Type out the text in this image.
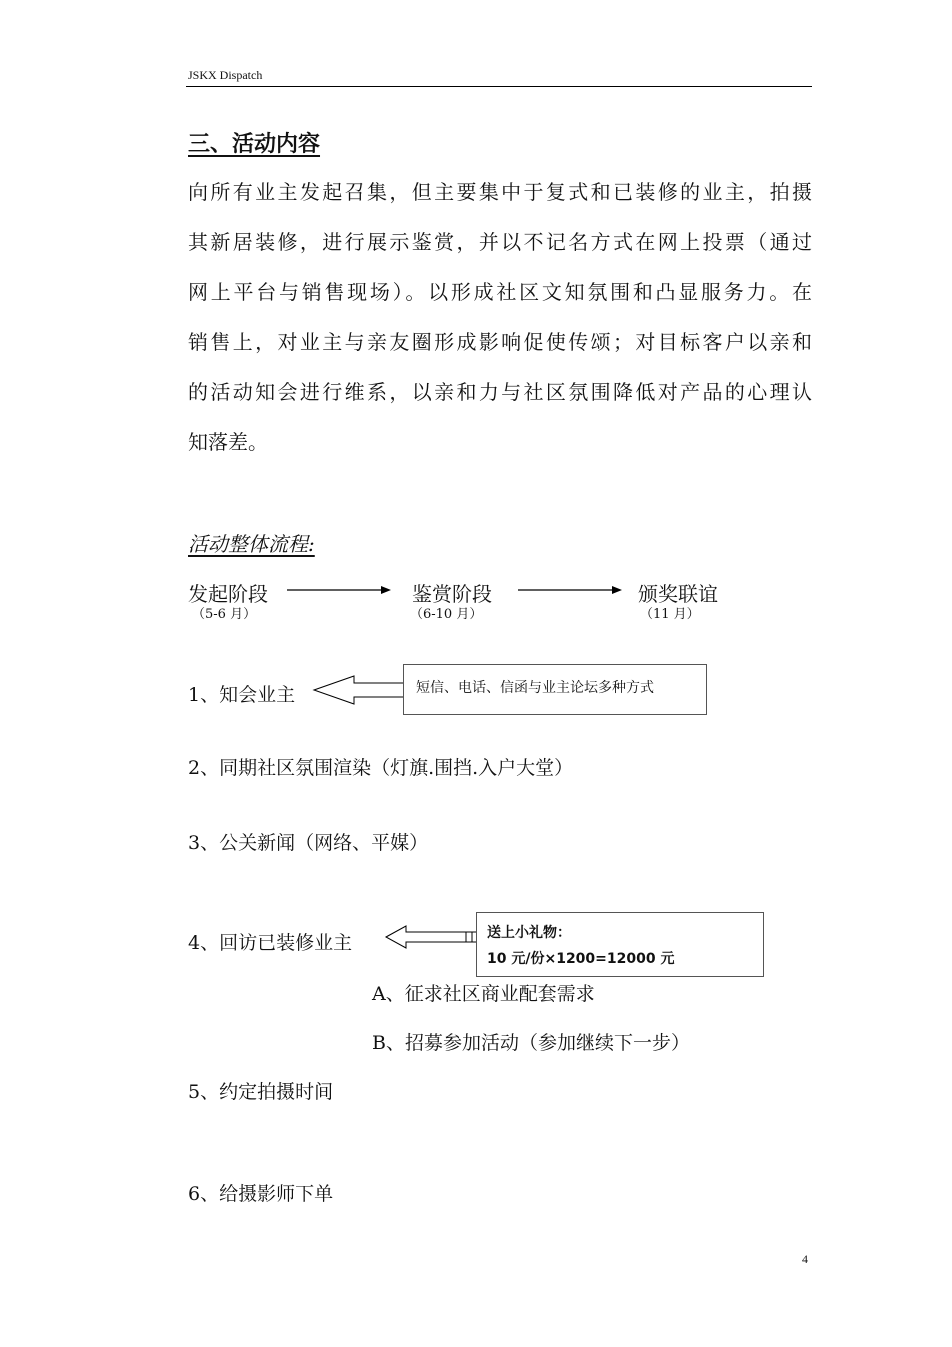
JSKX Dispatch
三、活动内容
向所有业主发起召集，但主要集中于复式和已装修的业主，拍摄
其新居装修，进行展示鉴赏，并以不记名方式在网上投票（通过
网上平台与销售现场）。以形成社区文知氛围和凸显服务力。在
销售上，对业主与亲友圈形成影响促使传颂；对目标客户以亲和
的活动知会进行维系，以亲和力与社区氛围降低对产品的心理认
知落差。
活动整体流程:
发起阶段
（5-6 月）
鉴赏阶段
（6-10 月）
颁奖联谊
（11 月）
1、知会业主	短信、电话、信函与业主论坛多种方式
2、同期社区氛围渲染（灯旗.围挡.入户大堂）
3、公关新闻（网络、平媒）
4、回访已装修业主	送上小礼物：
10 元/份×1200=12000 元
A、征求社区商业配套需求
B、招募参加活动（参加继续下一步）
5、约定拍摄时间
6、给摄影师下单
4
